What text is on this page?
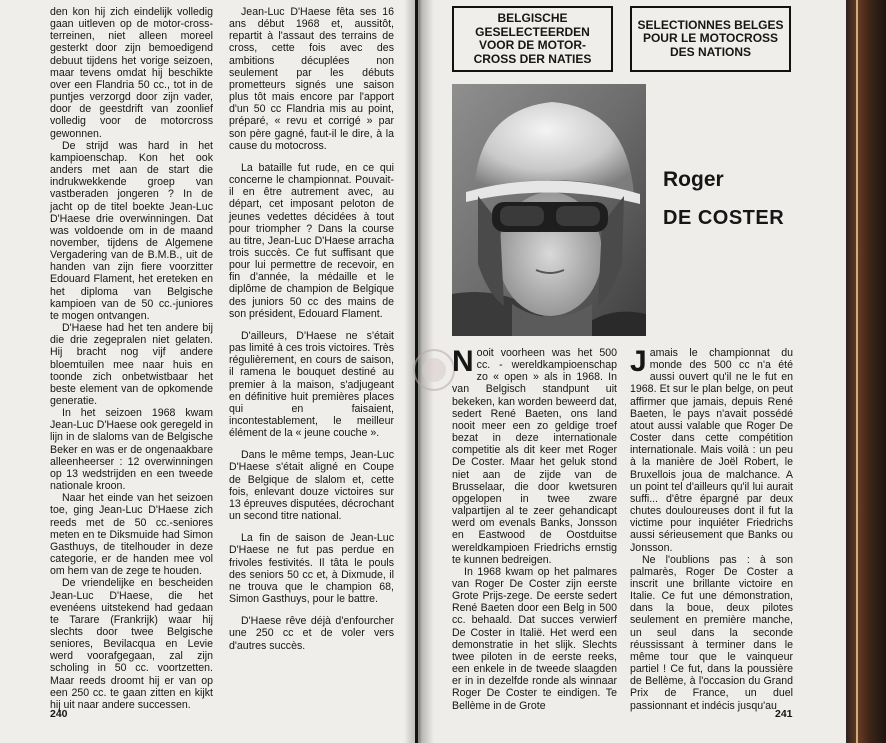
den kon hij zich eindelijk volledig gaan uitleven op de motor-cross-terreinen, niet alleen moreel gesterkt door zijn bemoedigend debuut tijdens het vorige seizoen, maar tevens omdat hij beschikte over een Flandria 50 cc., tot in de puntjes verzorgd door zijn vader, door de geestdrift van zoonlief volledig voor de motorcross gewonnen.

De strijd was hard in het kampioenschap. Kon het ook anders met aan de start die indrukwekkende groep van vastberaden jongeren ? In de jacht op de titel boekte Jean-Luc D'Haese drie overwinningen. Dat was voldoende om in de maand november, tijdens de Algemene Vergadering van de B.M.B., uit de handen van zijn fiere voorzitter Edouard Flament, het ereteken en het diploma van Belgische kampioen van de 50 cc.-juniores te mogen ontvangen.

D'Haese had het ten andere bij die drie zegepralen niet gelaten. Hij bracht nog vijf andere bloemtuilen mee naar huis en toonde zich onbetwistbaar het beste element van de opkomende generatie.

In het seizoen 1968 kwam Jean-Luc D'Haese ook geregeld in lijn in de slaloms van de Belgische Beker en was er de ongenaakbare alleenheerser : 12 overwinningen op 13 wedstrijden en een tweede nationale kroon.

Naar het einde van het seizoen toe, ging Jean-Luc D'Haese zich reeds met de 50 cc.-seniores meten en te Diksmuide had Simon Gasthuys, de titelhouder in deze categorie, er de handen mee vol om hem van de zege te houden.

De vriendelijke en bescheiden Jean-Luc D'Haese, die het evenéens uitstekend had gedaan te Tarare (Frankrijk) waar hij slechts door twee Belgische seniores, Bevilacqua en Levie werd voorafgegaan, zal zijn scholing in 50 cc. voortzetten. Maar reeds droomt hij er van op een 250 cc. te gaan zitten en kijkt hij uit naar andere successen.

Jean-Luc D'Haese fêta ses 16 ans début 1968 et, aussitôt, repartit à l'assaut des terrains de cross, cette fois avec des ambitions décuplées non seulement par les débuts prometteurs signés une saison plus tôt mais encore par l'apport d'un 50 cc Flandria mis au point, préparé, « revu et corrigé » par son père gagné, faut-il le dire, à la cause du motocross.

La bataille fut rude, en ce qui concerne le championnat. Pouvait-il en être autrement avec, au départ, cet imposant peloton de jeunes vedettes décidées à tout pour triompher ? Dans la course au titre, Jean-Luc D'Haese arracha trois succès. Ce fut suffisant que pour lui permettre de recevoir, en fin d'année, la médaille et le diplôme de champion de Belgique des juniors 50 cc des mains de son président, Edouard Flament.

D'ailleurs, D'Haese ne s'était pas limité à ces trois victoires. Très régulièrement, en cours de saison, il ramena le bouquet destiné au premier à la maison, s'adjugeant en définitive huit premières places qui en faisaient, incontestablement, le meilleur élément de la « jeune couche ».

Dans le même temps, Jean-Luc D'Haese s'était aligné en Coupe de Belgique de slalom et, cette fois, enlevant douze victoires sur 13 épreuves disputées, décrochant un second titre national.

La fin de saison de Jean-Luc D'Haese ne fut pas perdue en frivoles festivités. Il tâta le pouls des seniors 50 cc et, à Dixmude, il ne trouva que le champion 68, Simon Gasthuys, pour le battre.

D'Haese rêve déjà d'enfourcher une 250 cc et de voler vers d'autres succès.

240
BELGISCHE GESELECTEERDEN VOOR DE MOTOR-CROSS DER NATIES
SELECTIONNES BELGES POUR LE MOTOCROSS DES NATIONS
Roger
DE COSTER

Nooit voorheen was het 500 cc. - wereldkampioenschap zo « open » als in 1968. In van Belgisch standpunt uit bekeken, kan worden beweerd dat, sedert René Baeten, ons land nooit meer een zo geldige troef bezat in deze internationale competitie als dit keer met Roger De Coster. Maar het geluk stond niet aan de zijde van de Brusselaar, die door kwetsuren opgelopen in twee zware valpartijen al te zeer gehandicapt werd om evenals Banks, Jonsson en Eastwood de Oostduitse wereldkampioen Friedrichs ernstig te kunnen bedreigen.

In 1968 kwam op het palmares van Roger De Coster zijn eerste Grote Prijs-zege. De eerste sedert René Baeten door een Belg in 500 cc. behaald. Dat succes verwierf De Coster in Italië. Het werd een demonstratie in het slijk. Slechts twee piloten in de eerste reeks, een enkele in de tweede slaagden er in in dezelfde ronde als winnaar Roger De Coster te eindigen. Te Bellème in de Grote

Jamais le championnat du monde des 500 cc n'a été aussi ouvert qu'il ne le fut en 1968. Et sur le plan belge, on peut affirmer que jamais, depuis René Baeten, le pays n'avait possédé atout aussi valable que Roger De Coster dans cette compétition internationale. Mais voilà : un peu à la manière de Joël Robert, le Bruxellois joua de malchance. A un point tel d'ailleurs qu'il lui aurait suffi... d'être épargné par deux chutes douloureuses dont il fut la victime pour inquiéter Friedrichs aussi sérieusement que Banks ou Jonsson.

Ne l'oublions pas : à son palmarès, Roger De Coster a inscrit une brillante victoire en Italie. Ce fut une démonstration, dans la boue, deux pilotes seulement en première manche, un seul dans la seconde réussissant à terminer dans le même tour que le vainqueur partiel ! Ce fut, dans la poussière de Bellème, à l'occasion du Grand Prix de France, un duel passionnant et indécis jusqu'au

241
